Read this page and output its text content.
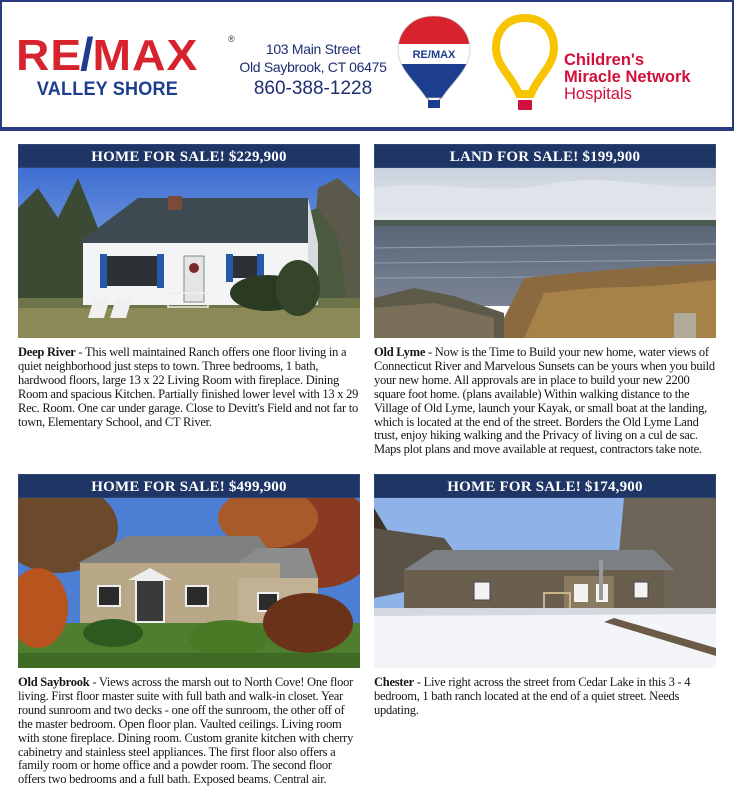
RE/MAX	®
VALLEY SHORE
103 Main Street
Old Saybrook, CT 06475
860-388-1228
RE/MAX	Children's
Miracle Network
Hospitals
HOME FOR SALE! $229,900
Deep River - This well maintained Ranch offers one floor living in a quiet neighborhood just steps to town. Three bedrooms, 1 bath, hardwood floors, large 13 x 22 Living Room with fireplace. Dining Room and spacious Kitchen. Partially finished lower level with 13 x 29 Rec. Room. One car under garage. Close to Devitt's Field and not far to town, Elementary School, and CT River.
LAND FOR SALE! $199,900
Old Lyme - Now is the Time to Build your new home, water views of Connecticut River and Marvelous Sunsets can be yours when you build your new home. All approvals are in place to build your new 2200 square foot home. (plans available) Within walking distance to the Village of Old Lyme, launch your Kayak, or small boat at the landing, which is located at the end of the street. Borders the Old Lyme Land trust, enjoy hiking walking and the Privacy of living on a cul de sac. Maps plot plans and move available at request, contractors take note.
HOME FOR SALE! $499,900
Old Saybrook - Views across the marsh out to North Cove! One floor living. First floor master suite with full bath and walk-in closet. Year round sunroom and two decks - one off the sunroom, the other off of the master bedroom. Open floor plan. Vaulted ceilings. Living room with stone fireplace. Dining room. Custom granite kitchen with cherry cabinetry and stainless steel appliances. The first floor also offers a family room or home office and a powder room. The second floor offers two bedrooms and a full bath. Exposed beams. Central air.
HOME FOR SALE! $174,900
Chester - Live right across the street from Cedar Lake in this 3 - 4 bedroom, 1 bath ranch located at the end of a quiet street. Needs updating.
